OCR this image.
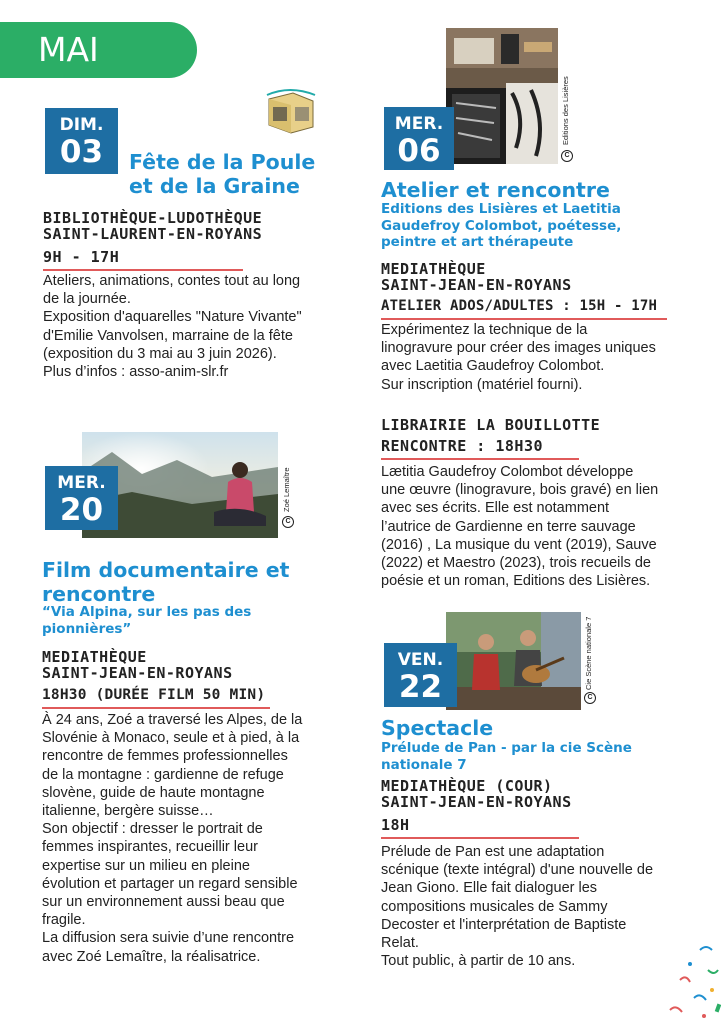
MAI
DIM.
03	Fête de la Poule
et de la Graine
BIBLIOTHÈQUE-LUDOTHÈQUE
SAINT-LAURENT-EN-ROYANS
9H - 17H
Ateliers, animations, contes tout au long
de la journée.
Exposition d'aquarelles "Nature Vivante"
d'Emilie Vanvolsen, marraine de la fête
(exposition du 3 mai au 3 juin 2026).
Plus d’infos : asso-anim-slr.fr
Editions des Lisières
C
MER.
06
Atelier et rencontre
Editions des Lisières et Laetitia
Gaudefroy Colombot, poétesse,
peintre et art thérapeute
MEDIATHÈQUE
SAINT-JEAN-EN-ROYANS
ATELIER ADOS/ADULTES : 15H - 17H
Expérimentez la technique de la
linogravure pour créer des images uniques
avec Laetitia Gaudefroy Colombot.
Sur inscription (matériel fourni).
LIBRAIRIE LA BOUILLOTTE
RENCONTRE : 18H30
Lætitia Gaudefroy Colombot développe
une œuvre (linogravure, bois gravé) en lien
avec ses écrits. Elle est notamment
l’autrice de Gardienne en terre sauvage
(2016) , La musique du vent (2019), Sauve
(2022) et Maestro (2023), trois recueils de
poésie et un roman, Editions des Lisières.
Zoé Lemaître
C
MER.
20
Film documentaire et
rencontre
“Via Alpina, sur les pas des
pionnières”
MEDIATHÈQUE
SAINT-JEAN-EN-ROYANS
18H30 (DURÉE FILM 50 MIN)
À 24 ans, Zoé a traversé les Alpes, de la
Slovénie à Monaco, seule et à pied, à la
rencontre de femmes professionnelles
de la montagne : gardienne de refuge
slovène, guide de haute montagne
italienne, bergère suisse…
Son objectif : dresser le portrait de
femmes inspirantes, recueillir leur
expertise sur un milieu en pleine
évolution et partager un regard sensible
sur un environnement aussi beau que
fragile.
La diffusion sera suivie d’une rencontre
avec Zoé Lemaître, la réalisatrice.
Cie Scène nationale 7
C
VEN.
22
Spectacle
Prélude de Pan - par la cie Scène
nationale 7
MEDIATHÈQUE (COUR)
SAINT-JEAN-EN-ROYANS
18H
Prélude de Pan est une adaptation
scénique (texte intégral) d'une nouvelle de
Jean Giono. Elle fait dialoguer les
compositions musicales de Sammy
Decoster et l'interprétation de Baptiste
Relat.
Tout public, à partir de 10 ans.
